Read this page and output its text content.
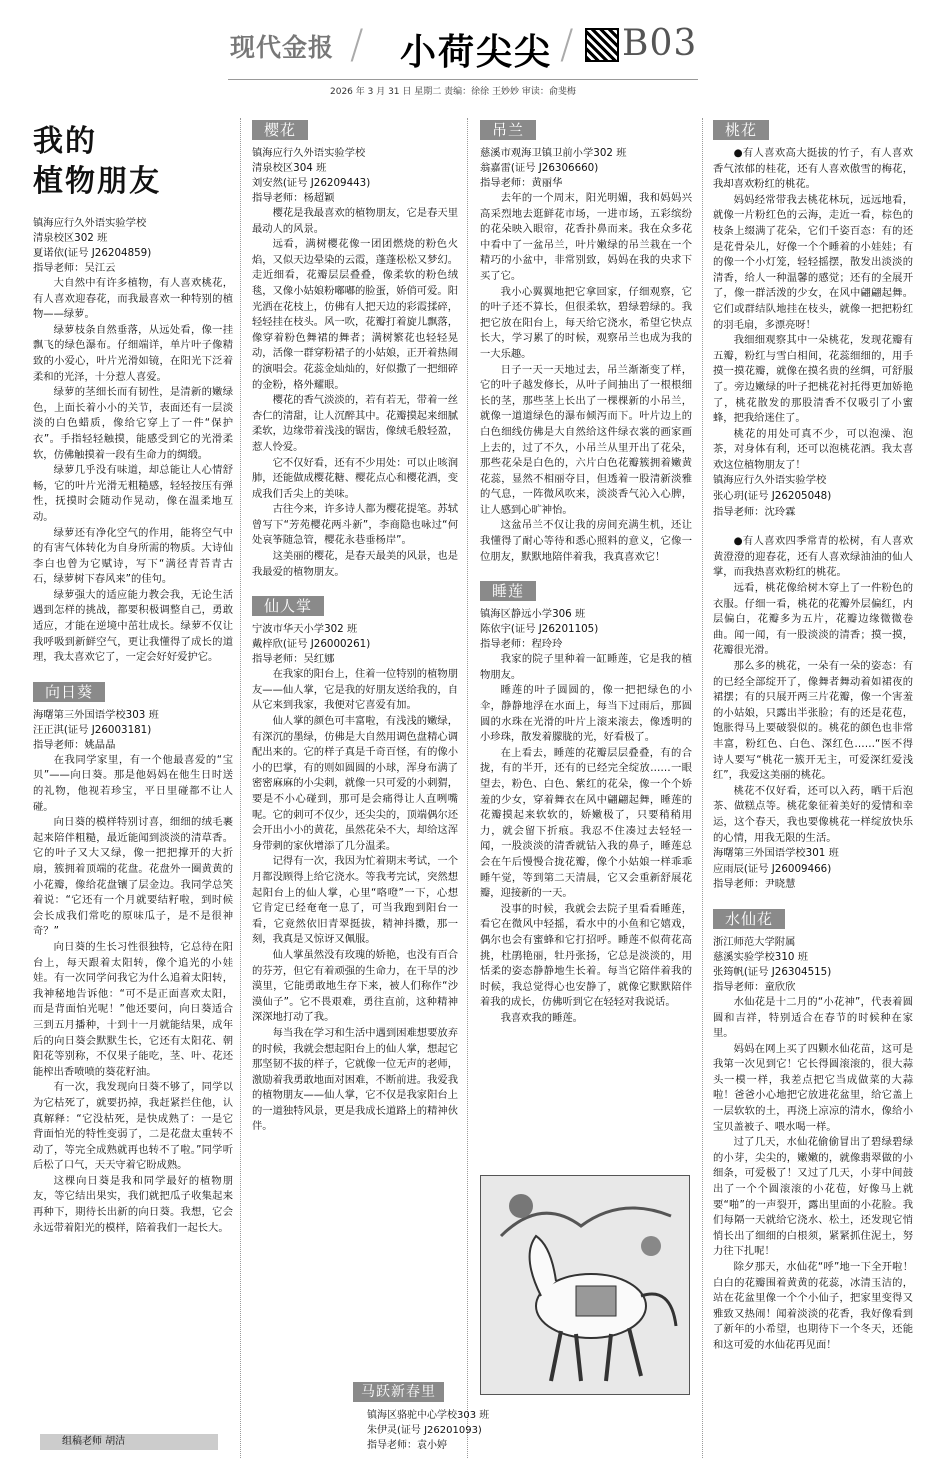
现代金报 / 小荷尖尖 / B03
2026 年 3 月 31 日 星期二 责编：徐徐 王妙妙 审读：俞斐梅
我的
植物朋友

镇海应行久外语实验学校

清泉校区302 班

夏诺依(证号 J26204859)

指导老师：吴江云

大自然中有许多植物，有人喜欢桃花，有人喜欢迎春花，而我最喜欢一种特别的植物——绿萝。

绿萝枝条自然垂落，从远处看，像一挂飘飞的绿色瀑布。仔细端详，单片叶子像精致的小爱心，叶片光滑如镜，在阳光下泛着柔和的光泽，十分惹人喜爱。

绿萝的茎细长而有韧性，是清新的嫩绿色，上面长着小小的关节，表面还有一层淡淡的白色蜡质，像给它穿上了一件“保护衣”。手指轻轻触摸，能感受到它的光滑柔软，仿佛触摸着一段有生命力的绸缎。

绿萝几乎没有味道，却总能让人心情舒畅，它的叶片光滑无粗糙感，轻轻按压有弹性，抚摸时会随动作晃动，像在温柔地互动。

绿萝还有净化空气的作用，能将空气中的有害气体转化为自身所需的物质。大诗仙李白也曾为它赋诗，写下“满径青苔青古石，绿萝树下春风来”的佳句。

绿萝强大的适应能力教会我，无论生活遇到怎样的挑战，都要积极调整自己，勇敢适应，才能在逆境中茁壮成长。绿萝不仅让我呼吸到新鲜空气，更让我懂得了成长的道理，我太喜欢它了，一定会好好爱护它。

向日葵

海曙第三外国语学校303 班

汪正淇(证号 J26003181)

指导老师：姚晶晶

在我同学家里，有一个他最喜爱的“宝贝”——向日葵。那是他妈妈在他生日时送的礼物，他视若珍宝，平日里碰都不让人碰。

向日葵的模样特别讨喜，细细的绒毛裹起来陪伴粗糙，最近能闻到淡淡的清草香。它的叶子又大又绿，像一把把撑开的大折扇，簇拥着顶端的花盘。花盘外一圈黄黄的小花瓣，像给花盘镶了层金边。我同学总笑着说：“它还有一个月就要结籽啦，到时候会长成我们常吃的原味瓜子，是不是很神奇？”

向日葵的生长习性很独特，它总待在阳台上，每天跟着太阳转，像个追光的小娃娃。有一次同学问我它为什么追着太阳转，我神秘地告诉他：“可不是正面喜欢太阳，而是背面怕光呢！”他还要问，向日葵适合三到五月播种，十到十一月就能结果，成年后的向日葵会默默生长，它还有太阳花、朝阳花等别称，不仅果子能吃，茎、叶、花还能榨出香喷喷的葵花籽油。

有一次，我发现向日葵不够了，同学以为它枯死了，就要扔掉，我赶紧拦住他，认真解释：“它没枯死，是快成熟了：一是它背面怕光的特性变弱了，二是花盘太重转不动了，等完全成熟就再也转不了啦。”同学听后松了口气，天天守着它盼成熟。

这棵向日葵是我和同学最好的植物朋友，等它结出果实，我们就把瓜子收集起来再种下，期待长出新的向日葵。我想，它会永远带着阳光的模样，陪着我们一起长大。

樱花

镇海应行久外语实验学校

清泉校区304 班

刘安然(证号 J26209443)

指导老师：杨超颖

樱花是我最喜欢的植物朋友，它是春天里最动人的风景。

远看，满树樱花像一团团燃烧的粉色火焰，又似天边晕染的云霞，蓬蓬松松又梦幻。走近细看，花瓣层层叠叠，像柔软的粉色绒毯，又像小姑娘粉嘟嘟的脸蛋，娇俏可爱。阳光洒在花枝上，仿佛有人把天边的彩霞揉碎，轻轻挂在枝头。风一吹，花瓣打着旋儿飘落，像穿着粉色舞裙的舞者；满树繁花也轻轻晃动，活像一群穿粉裙子的小姑娘，正开着热闹的演唱会。花蕊金灿灿的，好似撒了一把细碎的金粉，格外耀眼。

樱花的香气淡淡的，若有若无，带着一丝杏仁的清甜，让人沉醉其中。花瓣摸起来细腻柔软，边缘带着浅浅的锯齿，像绒毛般轻盈，惹人怜爱。

它不仅好看，还有不少用处：可以止咳润肺，还能做成樱花糖、樱花点心和樱花酒，变成我们舌尖上的美味。

古往今来，许多诗人都为樱花提笔。苏轼曾写下“芳苑樱花两斗新”，李商隐也咏过“何处哀筝随急管，樱花永巷垂杨岸”。

这美丽的樱花，是春天最美的风景，也是我最爱的植物朋友。

仙人掌

宁波市华天小学302 班

戴梓欣(证号 J26000261)

指导老师：吴红娜

在我家的阳台上，住着一位特别的植物朋友——仙人掌，它是我的好朋友送给我的，自从它来到我家，我便对它喜爱有加。

仙人掌的颜色可丰富啦，有浅浅的嫩绿，有深沉的墨绿，仿佛是大自然用调色盘精心调配出来的。它的样子真是千奇百怪，有的像小小的巴掌，有的则如圆圆的小球，浑身布满了密密麻麻的小尖刺，就像一只可爱的小刺猬，要是不小心碰到，那可是会痛得让人直咧嘴呢。它的刺可不仅少，还尖尖的，顶端偶尔还会开出小小的黄花，虽然花朵不大，却给这浑身带刺的家伙增添了几分温柔。

记得有一次，我因为忙着期末考试，一个月都没顾得上给它浇水。等我考完试，突然想起阳台上的仙人掌，心里“咯噔”一下，心想它肯定已经奄奄一息了，可当我跑到阳台一看，它竟然依旧青翠挺拔，精神抖擞，那一刻，我真是又惊讶又佩服。

仙人掌虽然没有玫瑰的娇艳，也没有百合的芬芳，但它有着顽强的生命力，在干旱的沙漠里，它能勇敢地生存下来，被人们称作“沙漠仙子”。它不畏艰难，勇往直前，这种精神深深地打动了我。

每当我在学习和生活中遇到困难想要放弃的时候，我就会想起阳台上的仙人掌，想起它那坚韧不拔的样子，它就像一位无声的老师，激励着我勇敢地面对困难，不断前进。我爱我的植物朋友——仙人掌，它不仅是我家阳台上的一道独特风景，更是我成长道路上的精神伙伴。

吊兰

慈溪市观海卫镇卫前小学302 班

翁嘉雷(证号 J26306660)

指导老师：黄丽华

去年的一个周末，阳光明媚，我和妈妈兴高采烈地去逛鲜花市场，一进市场，五彩缤纷的花朵映入眼帘，花香扑鼻而来。我在众多花中看中了一盆吊兰，叶片嫩绿的吊兰栽在一个精巧的小盆中，非常别致，妈妈在我的央求下买了它。

我小心翼翼地把它拿回家，仔细观察，它的叶子还不算长，但很柔软，碧绿碧绿的。我把它放在阳台上，每天给它浇水，希望它快点长大，学习累了的时候，观察吊兰也成为我的一大乐趣。

日子一天一天地过去，吊兰渐渐变了样，它的叶子越发修长，从叶子间抽出了一根根细长的茎，那些茎上长出了一棵棵新的小吊兰，就像一道道绿色的瀑布倾泻而下。叶片边上的白色细线仿佛是大自然给这件绿衣裳的画家画上去的，过了不久，小吊兰从里开出了花朵，那些花朵是白色的，六片白色花瓣簇拥着嫩黄花蕊，显然不相丽夺目，但透着一股清新淡雅的气息，一阵微风吹来，淡淡香气沁入心脾，让人感到心旷神怡。

这盆吊兰不仅让我的房间充满生机，还让我懂得了耐心等待和悉心照料的意义，它像一位朋友，默默地陪伴着我，我真喜欢它！

睡莲

镇海区静远小学306 班

陈依宇(证号 J26201105)

指导老师：程玲玲

我家的院子里种着一缸睡莲，它是我的植物朋友。

睡莲的叶子圆圆的，像一把把绿色的小伞，静静地浮在水面上，每当下过雨后，那圆圆的水珠在光滑的叶片上滚来滚去，像透明的小珍珠，散发着朦胧的光，好看极了。

在上看去，睡莲的花瓣层层叠叠，有的合拢，有的半开，还有的已经完全绽放……一眼望去，粉色、白色、紫红的花朵，像一个个娇羞的少女，穿着舞衣在风中翩翩起舞，睡莲的花瓣摸起来软软的，娇嫩极了，只要稍稍用力，就会留下折痕。我忍不住凑过去轻轻一闻，一股淡淡的清香就钻入我的鼻子，睡莲总会在午后慢慢合拢花瓣，像个小姑娘一样乖乖睡午觉，等到第二天清晨，它又会重新舒展花瓣，迎接新的一天。

没事的时候，我就会去院子里看看睡莲，看它在微风中轻摇，看水中的小鱼和它嬉戏，偶尔也会有蜜蜂和它打招呼。睡莲不似荷花高挑，杜鹃艳丽，牡丹张扬，它总是淡淡的，用恬柔的姿态静静地生长着。每当它陪伴着我的时候，我总觉得心也安静了，就像它默默陪伴着我的成长，仿佛听到它在轻轻对我说话。

我喜欢我的睡莲。

马跃新春里
镇海区骆驼中心学校303 班
朱伊灵(证号 J26201093)
指导老师：袁小婷
桃花

●有人喜欢高大挺拔的竹子，有人喜欢香气浓郁的桂花，还有人喜欢傲雪的梅花，我却喜欢粉红的桃花。

妈妈经常带我去桃花林玩，远远地看，就像一片粉红色的云海，走近一看，棕色的枝条上缀满了花朵，它们千姿百态：有的还是花骨朵儿，好像一个个睡着的小娃娃；有的像一个小灯笼，轻轻摇摆，散发出淡淡的清香，给人一种温馨的感觉；还有的全展开了，像一群活泼的少女，在风中翩翩起舞。它们或群结队地挂在枝头，就像一把把粉红的羽毛扇，多漂亮呀！

我细细观察其中一朵桃花，发现花瓣有五瓣，粉红与雪白相间，花蕊细细的，用手摸一摸花瓣，就像在摸名贵的丝绸，可舒服了。旁边嫩绿的叶子把桃花衬托得更加娇艳了，桃花散发的那股清香不仅吸引了小蜜蜂，把我给迷住了。

桃花的用处可真不少，可以泡澡、泡茶，对身体有利，还可以泡桃花酒。我太喜欢这位植物朋友了！

镇海应行久外语实验学校

张心玥(证号 J26205048)

指导老师：沈玲霖

●有人喜欢四季常青的松树，有人喜欢黄澄澄的迎春花，还有人喜欢绿油油的仙人掌，而我热喜欢粉红的桃花。

远看，桃花像给树木穿上了一件粉色的衣服。仔细一看，桃花的花瓣外层偏红，内层偏白，花瓣多为五片，花瓣边缘微微卷曲。闻一闻，有一股淡淡的清香；摸一摸，花瓣很光滑。

那么多的桃花，一朵有一朵的姿态：有的已经全部绽开了，像舞者舞动着如裙夜的裙摆；有的只展开两三片花瓣，像一个害羞的小姑娘，只露出半张脸；有的还是花苞，饱胀得马上要破裂似的。桃花的颜色也非常丰富，粉红色、白色、深红色……“医不得诗人要写“桃花一簇开无主，可爱深红爱浅红”，我爱这美丽的桃花。

桃花不仅好看，还可以入药，晒干后泡茶、做糕点等。桃花象征着美好的爱情和幸运，这个春天，我也要像桃花一样绽放快乐的心情，用我无限的生活。

海曙第三外国语学校301 班

应雨辰(证号 J26009466)

指导老师：尹晓慧

水仙花

浙江师范大学附属

慈溪实验学校310 班

张筠帆(证号 J26304515)

指导老师：童欣欣

水仙花是十二月的“小花神”，代表着圆圆和吉祥，特别适合在春节的时候种在家里。

妈妈在网上买了四颗水仙花苗，这可是我第一次见到它！它长得圆滚滚的，很大蒜头一模一样，我差点把它当成做菜的大蒜啦！爸爸小心地把它放进花盆里，给它盖上一层软软的土，再浇上凉凉的清水，像给小宝贝盖被子、喂水喝一样。

过了几天，水仙花偷偷冒出了碧绿碧绿的小芽，尖尖的，嫩嫩的，就像翡翠做的小细条，可爱极了！又过了几天，小芽中间鼓出了一个个圆滚滚的小花苞，好像马上就要“啪”的一声裂开，露出里面的小花脸。我们每隔一天就给它浇水、松土，还发现它悄悄长出了细细的白根须，紧紧抓住泥土，努力往下扎呢！

除夕那天，水仙花“呼”地一下全开啦！白白的花瓣围着黄黄的花蕊，冰清玉洁的，站在花盆里像一个个小仙子，把家里变得又雅致又热闹！闻着淡淡的花香，我好像看到了新年的小希望，也期待下一个冬天，还能和这可爱的水仙花再见面！

组稿老师 胡洁
